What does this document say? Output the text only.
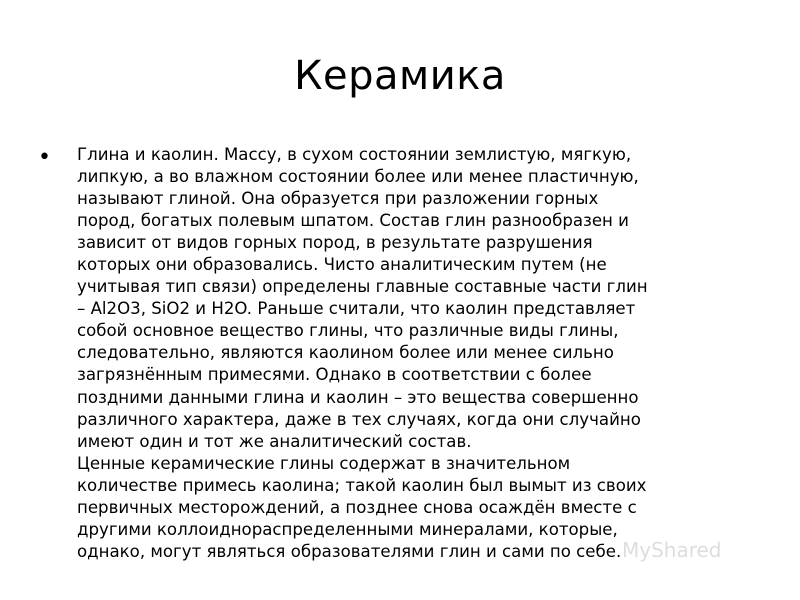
Керамика
• Глина и каолин. Массу, в сухом состоянии землистую, мягкую,
липкую, а во влажном состоянии более или менее пластичную,
называют глиной. Она образуется при разложении горных
пород, богатых полевым шпатом. Состав глин разнообразен и
зависит от видов горных пород, в результате разрушения
которых они образовались. Чисто аналитическим путем (не
учитывая тип связи) определены главные составные части глин
– Al2O3, SiO2 и H2O. Раньше считали, что каолин представляет
собой основное вещество глины, что различные виды глины,
следовательно, являются каолином более или менее сильно
загрязнённым примесями. Однако в соответствии с более
поздними данными глина и каолин – это вещества совершенно
различного характера, даже в тех случаях, когда они случайно
имеют один и тот же аналитический состав.
Ценные керамические глины содержат в значительном
количестве примесь каолина; такой каолин был вымыт из своих
первичных месторождений, а позднее снова осаждён вместе с
другими коллоиднораспределенными минералами, которые,
однако, могут являться образователями глин и сами по себе. MyShared
